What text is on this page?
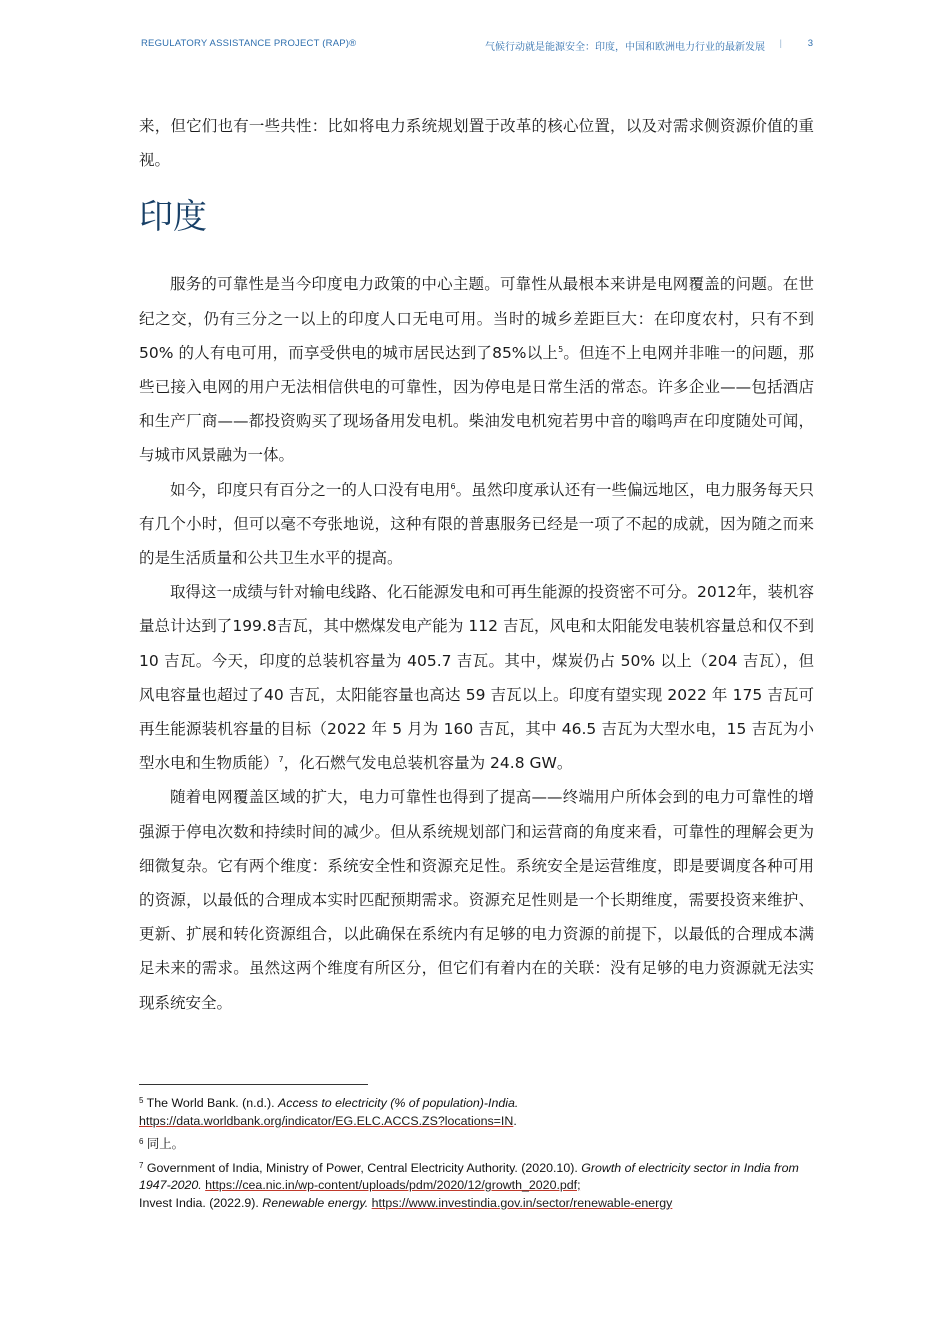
REGULATORY ASSISTANCE PROJECT (RAP)®	气候行动就是能源安全：印度，中国和欧洲电力行业的最新发展 |	3

来，但它们也有一些共性：比如将电力系统规划置于改革的核心位置，以及对需求侧资源价值的重视。

印度

服务的可靠性是当今印度电力政策的中心主题。可靠性从最根本来讲是电网覆盖的问题。在世纪之交，仍有三分之一以上的印度人口无电可用。当时的城乡差距巨大：在印度农村，只有不到 50% 的人有电可用，而享受供电的城市居民达到了85%以上$^5$。但连不上电网并非唯一的问题，那些已接入电网的用户无法相信供电的可靠性，因为停电是日常生活的常态。许多企业——包括酒店和生产厂商——都投资购买了现场备用发电机。柴油发电机宛若男中音的嗡鸣声在印度随处可闻，与城市风景融为一体。

如今，印度只有百分之一的人口没有电用$^6$。虽然印度承认还有一些偏远地区，电力服务每天只有几个小时，但可以毫不夸张地说，这种有限的普惠服务已经是一项了不起的成就，因为随之而来的是生活质量和公共卫生水平的提高。

取得这一成绩与针对输电线路、化石能源发电和可再生能源的投资密不可分。2012年，装机容量总计达到了199.8吉瓦，其中燃煤发电产能为 112 吉瓦，风电和太阳能发电装机容量总和仅不到 10 吉瓦。今天，印度的总装机容量为 405.7 吉瓦。其中，煤炭仍占 50% 以上（204 吉瓦），但风电容量也超过了40 吉瓦，太阳能容量也高达 59 吉瓦以上。印度有望实现 2022 年 175 吉瓦可再生能源装机容量的目标（2022 年 5 月为 160 吉瓦，其中 46.5 吉瓦为大型水电，15 吉瓦为小型水电和生物质能）$^7$，化石燃气发电总装机容量为 24.8 GW。

随着电网覆盖区域的扩大，电力可靠性也得到了提高——终端用户所体会到的电力可靠性的增强源于停电次数和持续时间的减少。但从系统规划部门和运营商的角度来看，可靠性的理解会更为细微复杂。它有两个维度：系统安全性和资源充足性。系统安全是运营维度，即是要调度各种可用的资源，以最低的合理成本实时匹配预期需求。资源充足性则是一个长期维度，需要投资来维护、更新、扩展和转化资源组合，以此确保在系统内有足够的电力资源的前提下，以最低的合理成本满足未来的需求。虽然这两个维度有所区分，但它们有着内在的关联：没有足够的电力资源就无法实现系统安全。

$^5$ The World Bank. (n.d.). Access to electricity (% of population)-India.
https://data.worldbank.org/indicator/EG.ELC.ACCS.ZS?locations=IN.

$^6$ 同上。

$^7$ Government of India, Ministry of Power, Central Electricity Authority. (2020.10). Growth of electricity sector in India from 1947-2020. https://cea.nic.in/wp-content/uploads/pdm/2020/12/growth_2020.pdf;
Invest India. (2022.9). Renewable energy. https://www.investindia.gov.in/sector/renewable-energy
